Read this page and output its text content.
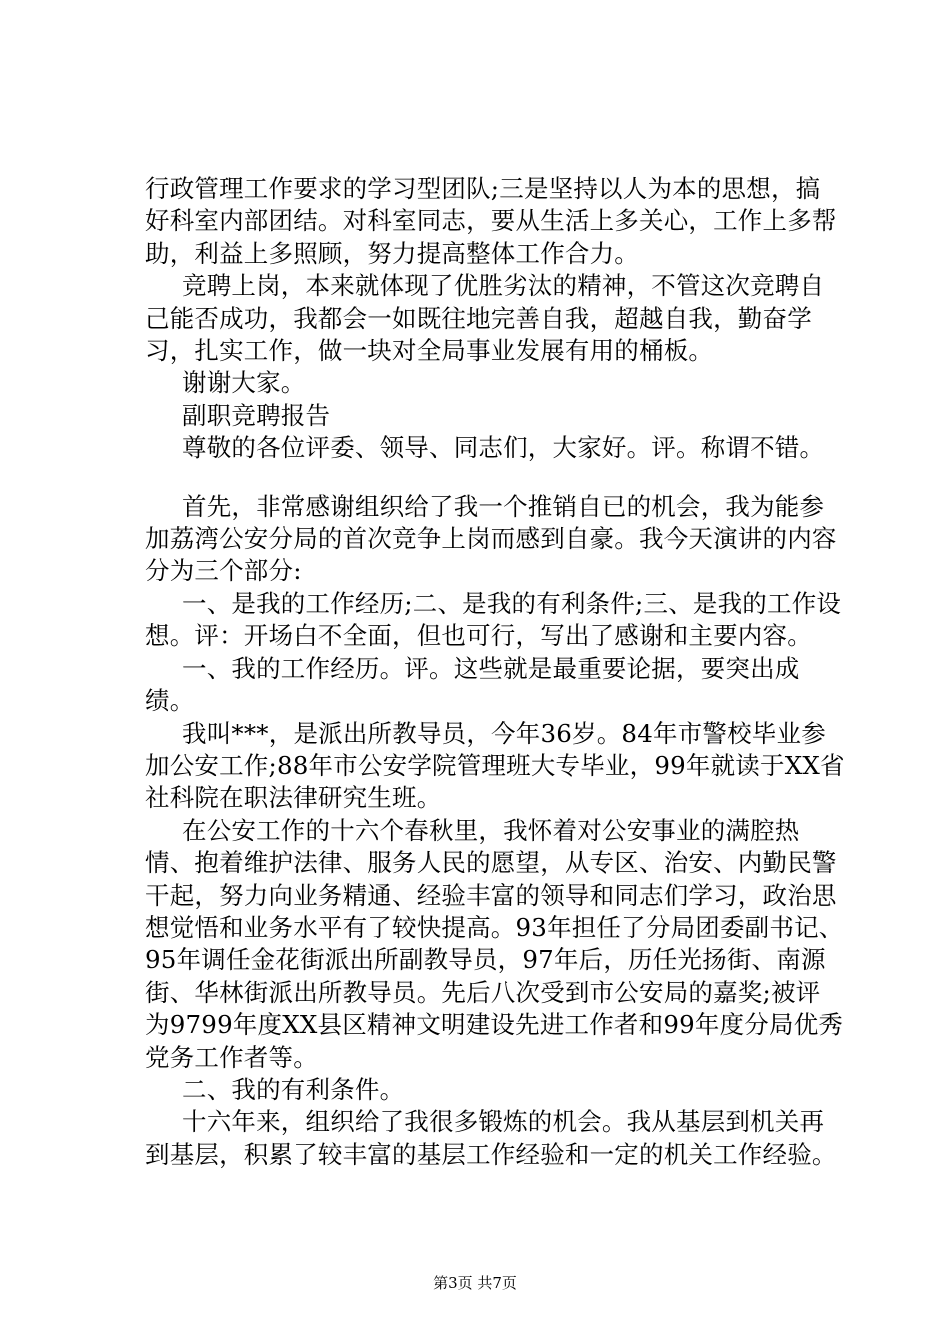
行政管理工作要求的学习型团队;三是坚持以人为本的思想，搞好科室内部团结。对科室同志，要从生活上多关心，工作上多帮助，利益上多照顾，努力提高整体工作合力。

竞聘上岗，本来就体现了优胜劣汰的精神，不管这次竞聘自己能否成功，我都会一如既往地完善自我，超越自我，勤奋学习，扎实工作，做一块对全局事业发展有用的桶板。

谢谢大家。

副职竞聘报告

尊敬的各位评委、领导、同志们，大家好。评。称谓不错。

首先，非常感谢组织给了我一个推销自已的机会，我为能参加荔湾公安分局的首次竞争上岗而感到自豪。我今天演讲的内容分为三个部分:

一、是我的工作经历;二、是我的有利条件;三、是我的工作设想。评：开场白不全面，但也可行，写出了感谢和主要内容。

一、我的工作经历。评。这些就是最重要论据，要突出成绩。

我叫***，是派出所教导员，今年36岁。84年市警校毕业参加公安工作;88年市公安学院管理班大专毕业，99年就读于XX省社科院在职法律研究生班。

在公安工作的十六个春秋里，我怀着对公安事业的满腔热情、抱着维护法律、服务人民的愿望，从专区、治安、内勤民警干起，努力向业务精通、经验丰富的领导和同志们学习，政治思想觉悟和业务水平有了较快提高。93年担任了分局团委副书记、95年调任金花街派出所副教导员，97年后，历任光扬街、南源街、华林街派出所教导员。先后八次受到市公安局的嘉奖;被评为9799年度XX县区精神文明建设先进工作者和99年度分局优秀党务工作者等。

二、我的有利条件。

十六年来，组织给了我很多锻炼的机会。我从基层到机关再到基层，积累了较丰富的基层工作经验和一定的机关工作经验。

第3页 共7页
